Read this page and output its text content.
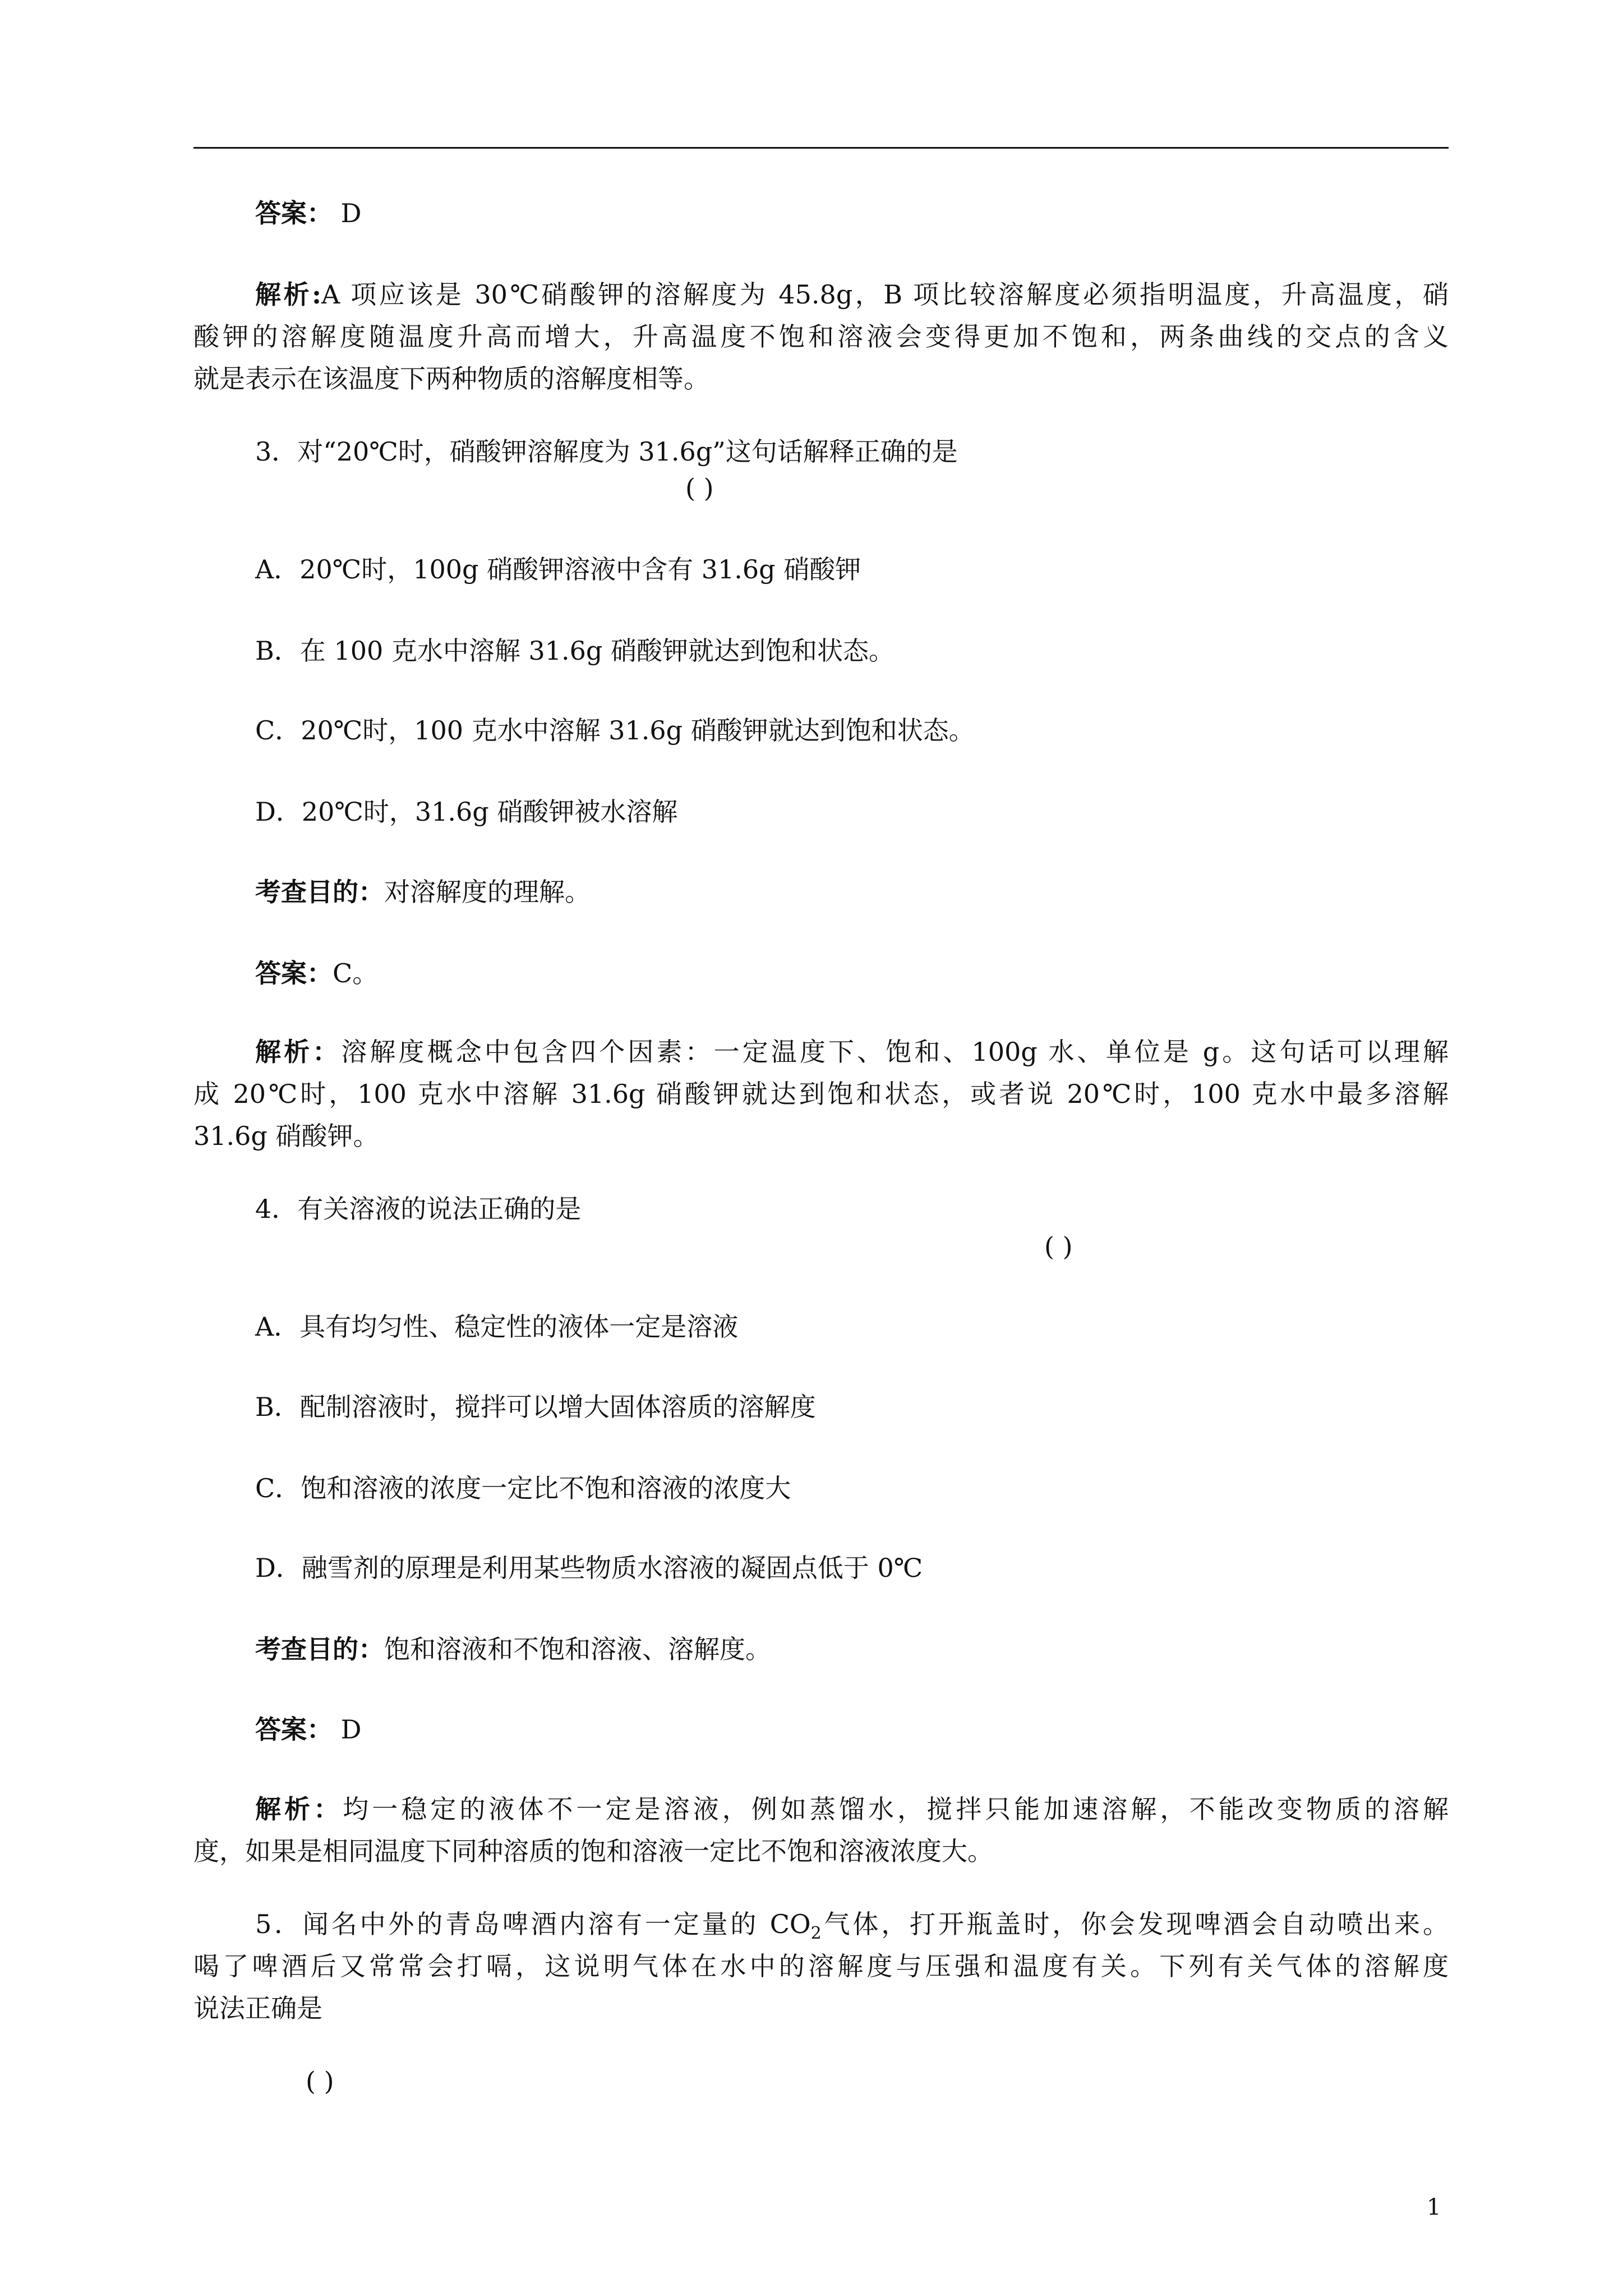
答案： D
解析:A 项应该是 30℃硝酸钾的溶解度为 45.8g，B 项比较溶解度必须指明温度，升高温度，硝
酸钾的溶解度随温度升高而增大，升高温度不饱和溶液会变得更加不饱和，两条曲线的交点的含义
就是表示在该温度下两种物质的溶解度相等。
3．对“20℃时，硝酸钾溶解度为 31.6g”这句话解释正确的是
( )
A．20℃时，100g 硝酸钾溶液中含有 31.6g 硝酸钾
B．在 100 克水中溶解 31.6g 硝酸钾就达到饱和状态。
C．20℃时，100 克水中溶解 31.6g 硝酸钾就达到饱和状态。
D．20℃时，31.6g 硝酸钾被水溶解
考查目的：对溶解度的理解。
答案：C。
解析：溶解度概念中包含四个因素：一定温度下、饱和、100g 水、单位是 g。这句话可以理解
成 20℃时，100 克水中溶解 31.6g 硝酸钾就达到饱和状态，或者说 20℃时，100 克水中最多溶解
31.6g 硝酸钾。
4．有关溶液的说法正确的是
( )
A．具有均匀性、稳定性的液体一定是溶液
B．配制溶液时，搅拌可以增大固体溶质的溶解度
C．饱和溶液的浓度一定比不饱和溶液的浓度大
D．融雪剂的原理是利用某些物质水溶液的凝固点低于 0℃
考查目的：饱和溶液和不饱和溶液、溶解度。
答案： D
解析：均一稳定的液体不一定是溶液，例如蒸馏水，搅拌只能加速溶解，不能改变物质的溶解
度，如果是相同温度下同种溶质的饱和溶液一定比不饱和溶液浓度大。
5．闻名中外的青岛啤酒内溶有一定量的 $CO_2$气体，打开瓶盖时，你会发现啤酒会自动喷出来。
喝了啤酒后又常常会打嗝，这说明气体在水中的溶解度与压强和温度有关。下列有关气体的溶解度
说法正确是
( )
1
